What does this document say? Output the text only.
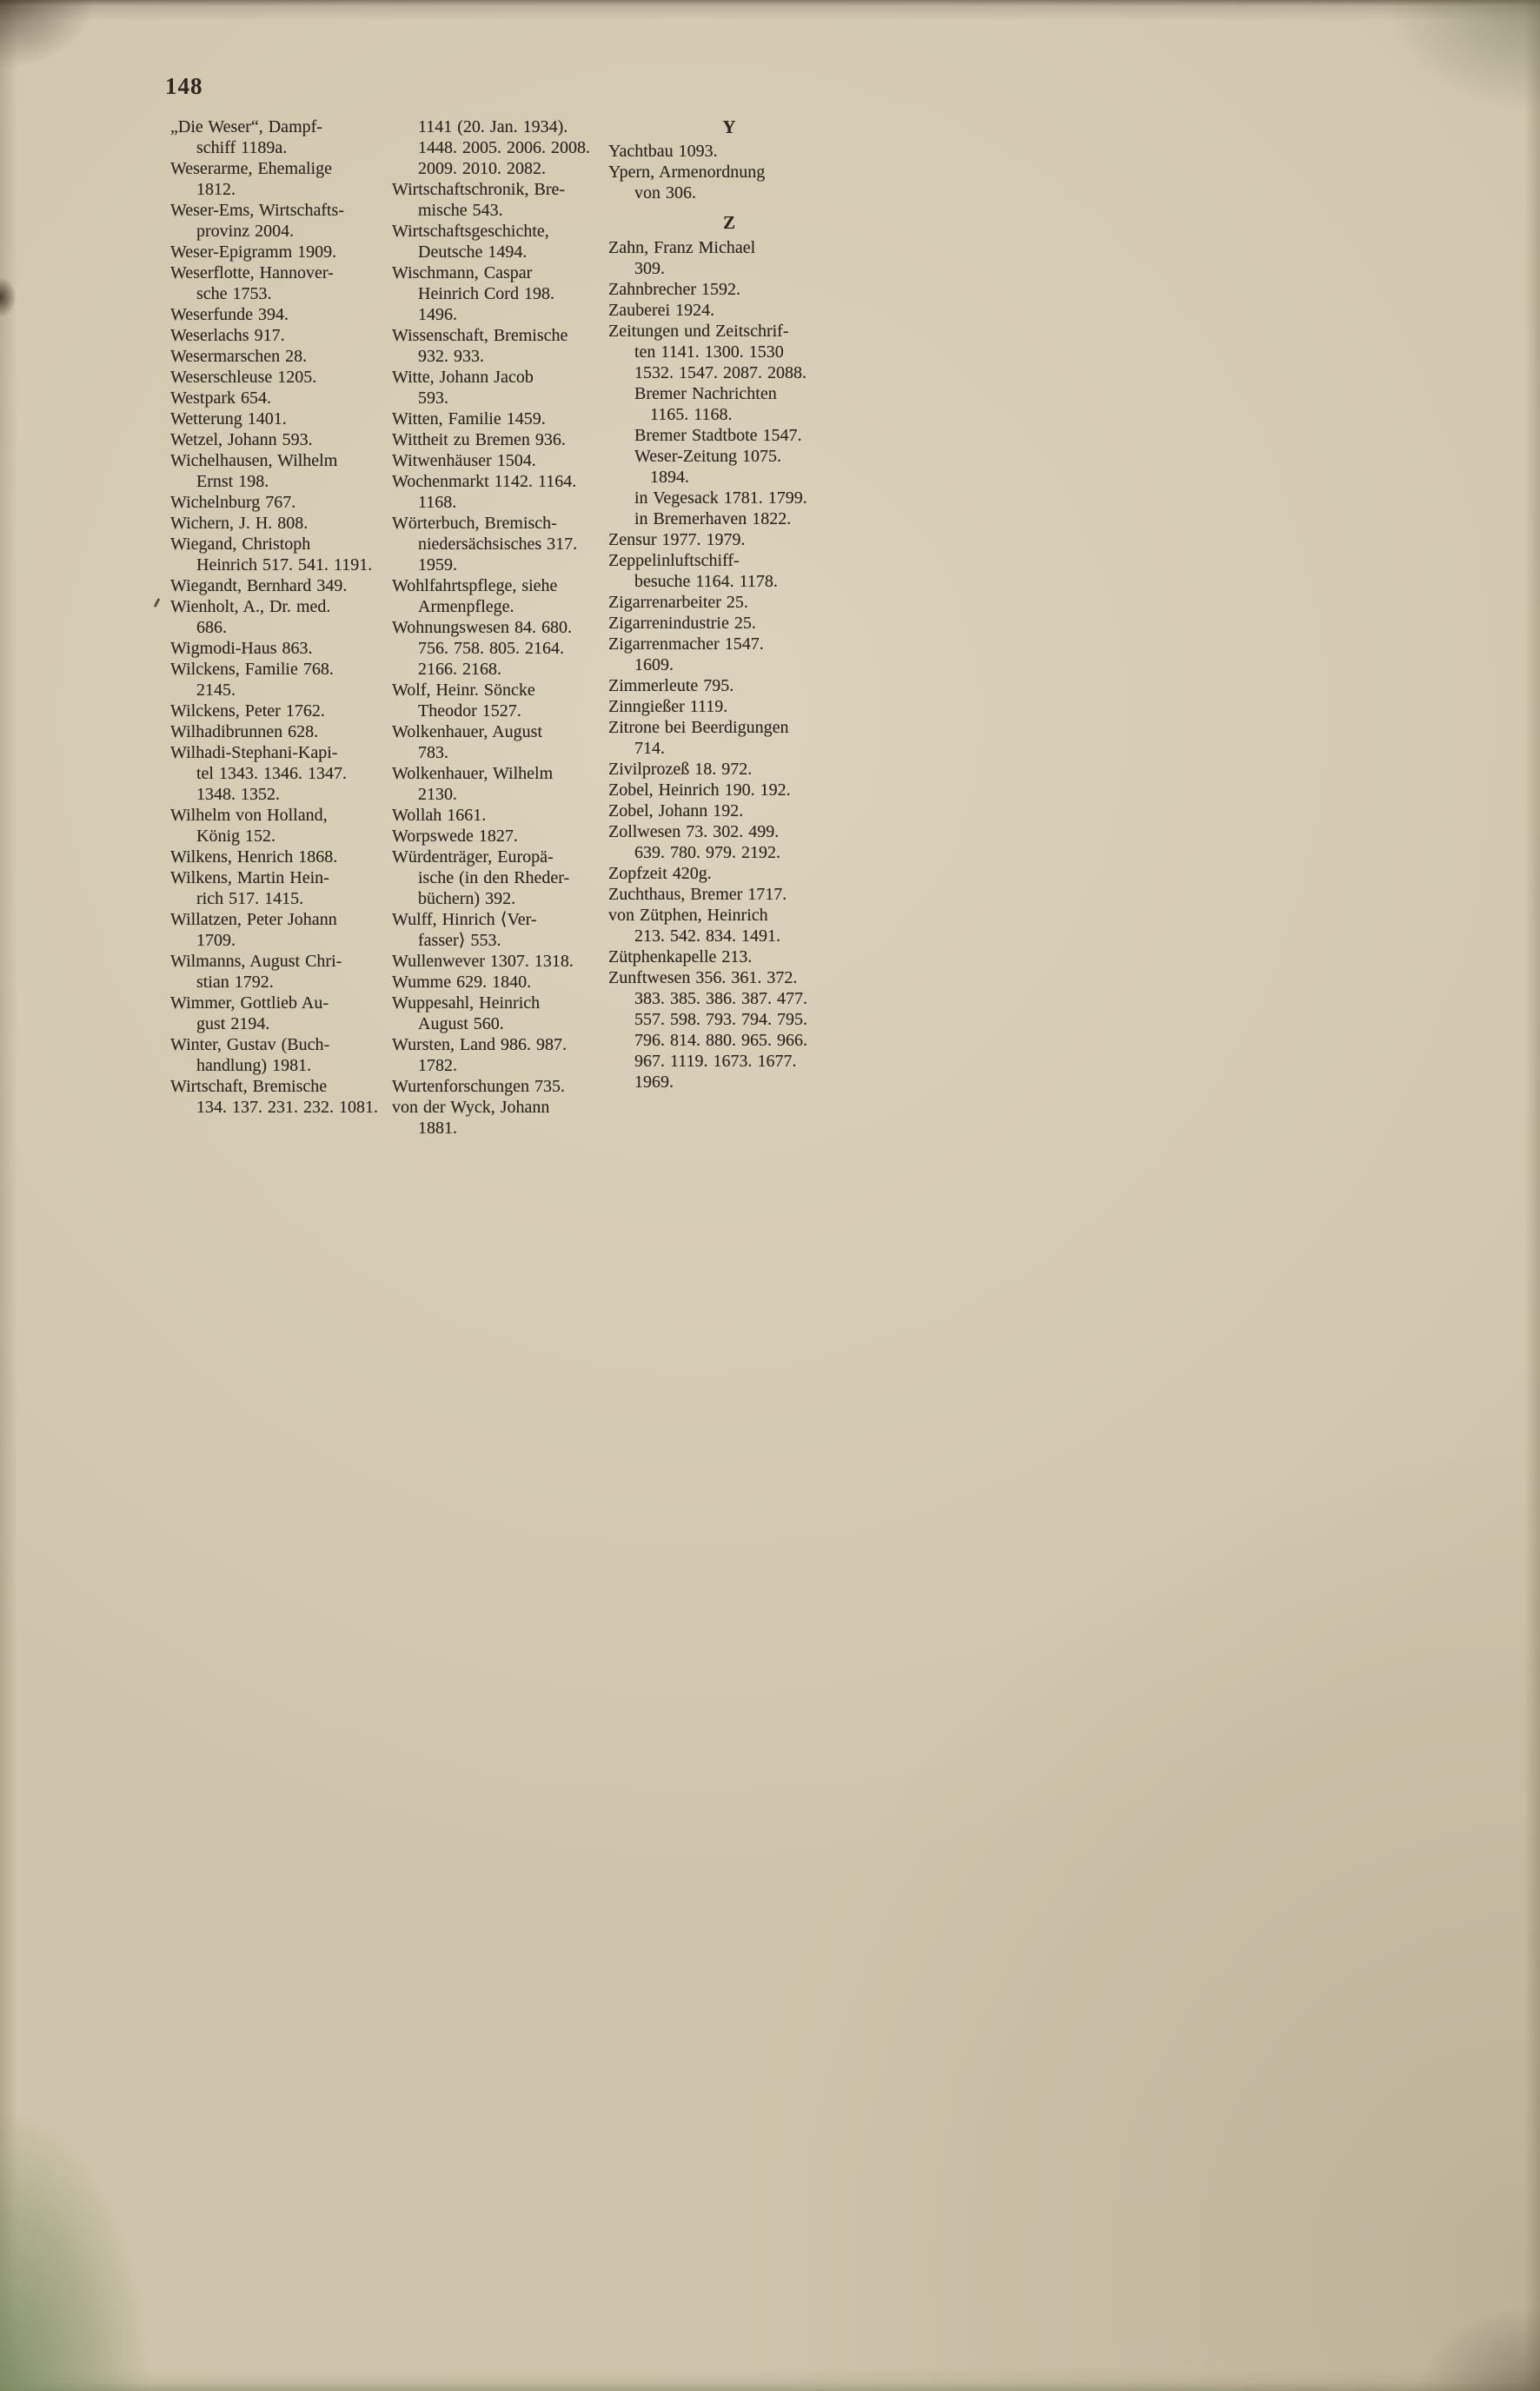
148
„Die Weser“, Dampf-
schiff 1189a.
Weserarme, Ehemalige
1812.
Weser-Ems, Wirtschafts-
provinz 2004.
Weser-Epigramm 1909.
Weserflotte, Hannover-
sche 1753.
Weserfunde 394.
Weserlachs 917.
Wesermarschen 28.
Weserschleuse 1205.
Westpark 654.
Wetterung 1401.
Wetzel, Johann 593.
Wichelhausen, Wilhelm
Ernst 198.
Wichelnburg 767.
Wichern, J. H. 808.
Wiegand, Christoph
Heinrich 517. 541. 1191.
Wiegandt, Bernhard 349.
Wienholt, A., Dr. med.
686.
Wigmodi-Haus 863.
Wilckens, Familie 768.
2145.
Wilckens, Peter 1762.
Wilhadibrunnen 628.
Wilhadi-Stephani-Kapi-
tel 1343. 1346. 1347.
1348. 1352.
Wilhelm von Holland,
König 152.
Wilkens, Henrich 1868.
Wilkens, Martin Hein-
rich 517. 1415.
Willatzen, Peter Johann
1709.
Wilmanns, August Chri-
stian 1792.
Wimmer, Gottlieb Au-
gust 2194.
Winter, Gustav (Buch-
handlung) 1981.
Wirtschaft, Bremische
134. 137. 231. 232. 1081.
1141 (20. Jan. 1934).
1448. 2005. 2006. 2008.
2009. 2010. 2082.
Wirtschaftschronik, Bre-
mische 543.
Wirtschaftsgeschichte,
Deutsche 1494.
Wischmann, Caspar
Heinrich Cord 198.
1496.
Wissenschaft, Bremische
932. 933.
Witte, Johann Jacob
593.
Witten, Familie 1459.
Wittheit zu Bremen 936.
Witwenhäuser 1504.
Wochenmarkt 1142. 1164.
1168.
Wörterbuch, Bremisch-
niedersächsisches 317.
1959.
Wohlfahrtspflege, siehe
Armenpflege.
Wohnungswesen 84. 680.
756. 758. 805. 2164.
2166. 2168.
Wolf, Heinr. Söncke
Theodor 1527.
Wolkenhauer, August
783.
Wolkenhauer, Wilhelm
2130.
Wollah 1661.
Worpswede 1827.
Würdenträger, Europä-
ische (in den Rheder-
büchern) 392.
Wulff, Hinrich ⟨Ver-
fasser⟩ 553.
Wullenwever 1307. 1318.
Wumme 629. 1840.
Wuppesahl, Heinrich
August 560.
Wursten, Land 986. 987.
1782.
Wurtenforschungen 735.
von der Wyck, Johann
1881.
Y
Yachtbau 1093.
Ypern, Armenordnung
von 306.
Z
Zahn, Franz Michael
309.
Zahnbrecher 1592.
Zauberei 1924.
Zeitungen und Zeitschrif-
ten 1141. 1300. 1530
1532. 1547. 2087. 2088.
Bremer Nachrichten
1165. 1168.
Bremer Stadtbote 1547.
Weser-Zeitung 1075.
1894.
in Vegesack 1781. 1799.
in Bremerhaven 1822.
Zensur 1977. 1979.
Zeppelinluftschiff-
besuche 1164. 1178.
Zigarrenarbeiter 25.
Zigarrenindustrie 25.
Zigarrenmacher 1547.
1609.
Zimmerleute 795.
Zinngießer 1119.
Zitrone bei Beerdigungen
714.
Zivilprozeß 18. 972.
Zobel, Heinrich 190. 192.
Zobel, Johann 192.
Zollwesen 73. 302. 499.
639. 780. 979. 2192.
Zopfzeit 420g.
Zuchthaus, Bremer 1717.
von Zütphen, Heinrich
213. 542. 834. 1491.
Zütphenkapelle 213.
Zunftwesen 356. 361. 372.
383. 385. 386. 387. 477.
557. 598. 793. 794. 795.
796. 814. 880. 965. 966.
967. 1119. 1673. 1677.
1969.
